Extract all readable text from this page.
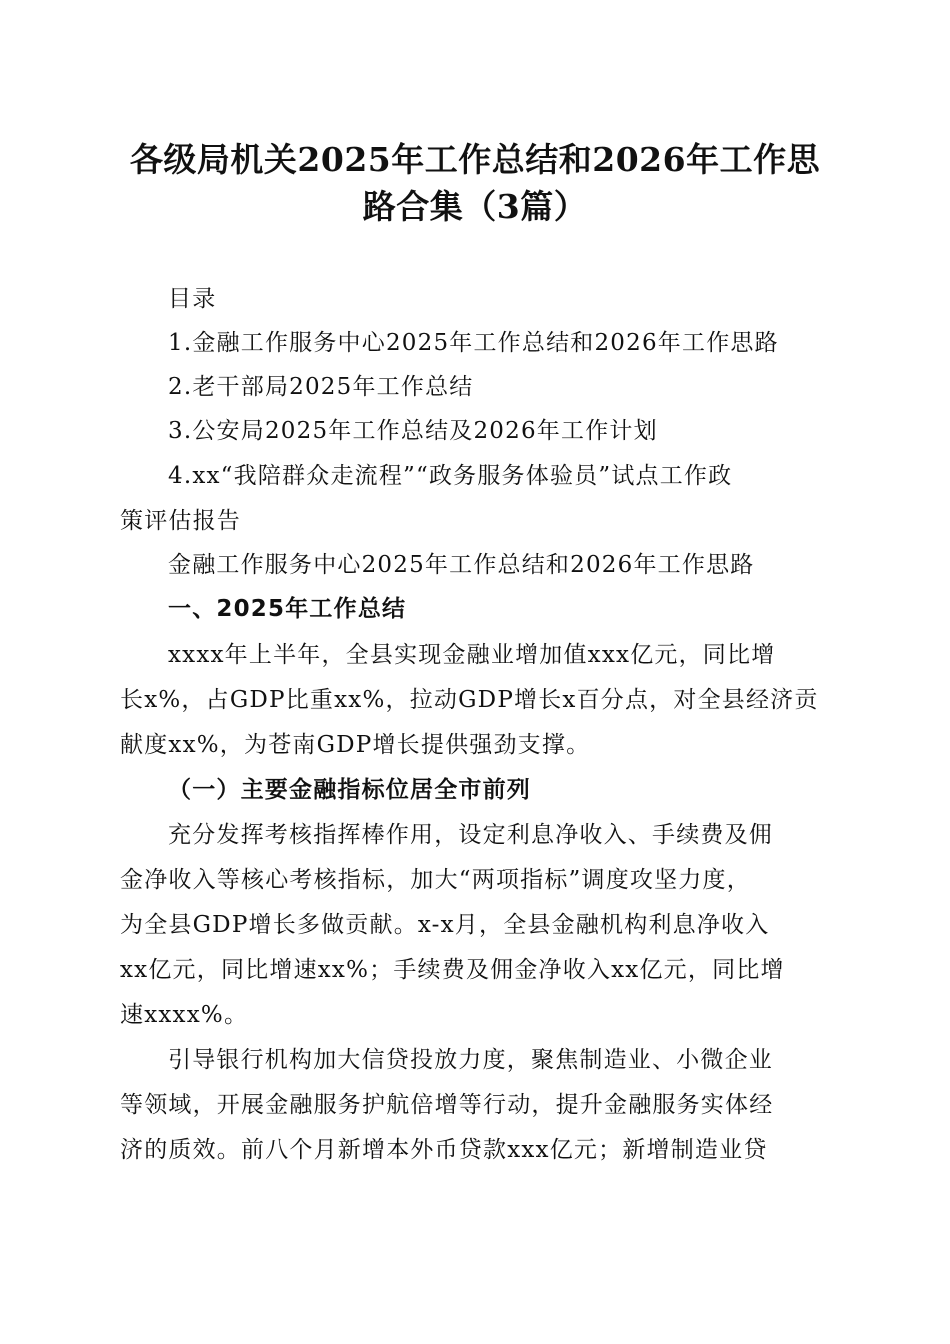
各级局机关2025年工作总结和2026年工作思
路合集（3篇）
目录
1.金融工作服务中心2025年工作总结和2026年工作思路
2.老干部局2025年工作总结
3.公安局2025年工作总结及2026年工作计划
4.xx“我陪群众走流程”“政务服务体验员”试点工作政
策评估报告
金融工作服务中心2025年工作总结和2026年工作思路
一、2025年工作总结
xxxx年上半年，全县实现金融业增加值xxx亿元，同比增
长x%，占GDP比重xx%，拉动GDP增长x百分点，对全县经济贡
献度xx%，为苍南GDP增长提供强劲支撑。
（一）主要金融指标位居全市前列
充分发挥考核指挥棒作用，设定利息净收入、手续费及佣
金净收入等核心考核指标，加大“两项指标”调度攻坚力度，
为全县GDP增长多做贡献。x-x月，全县金融机构利息净收入
xx亿元，同比增速xx%；手续费及佣金净收入xx亿元，同比增
速xxxx%。
引导银行机构加大信贷投放力度，聚焦制造业、小微企业
等领域，开展金融服务护航倍增等行动，提升金融服务实体经
济的质效。前八个月新增本外币贷款xxx亿元；新增制造业贷
